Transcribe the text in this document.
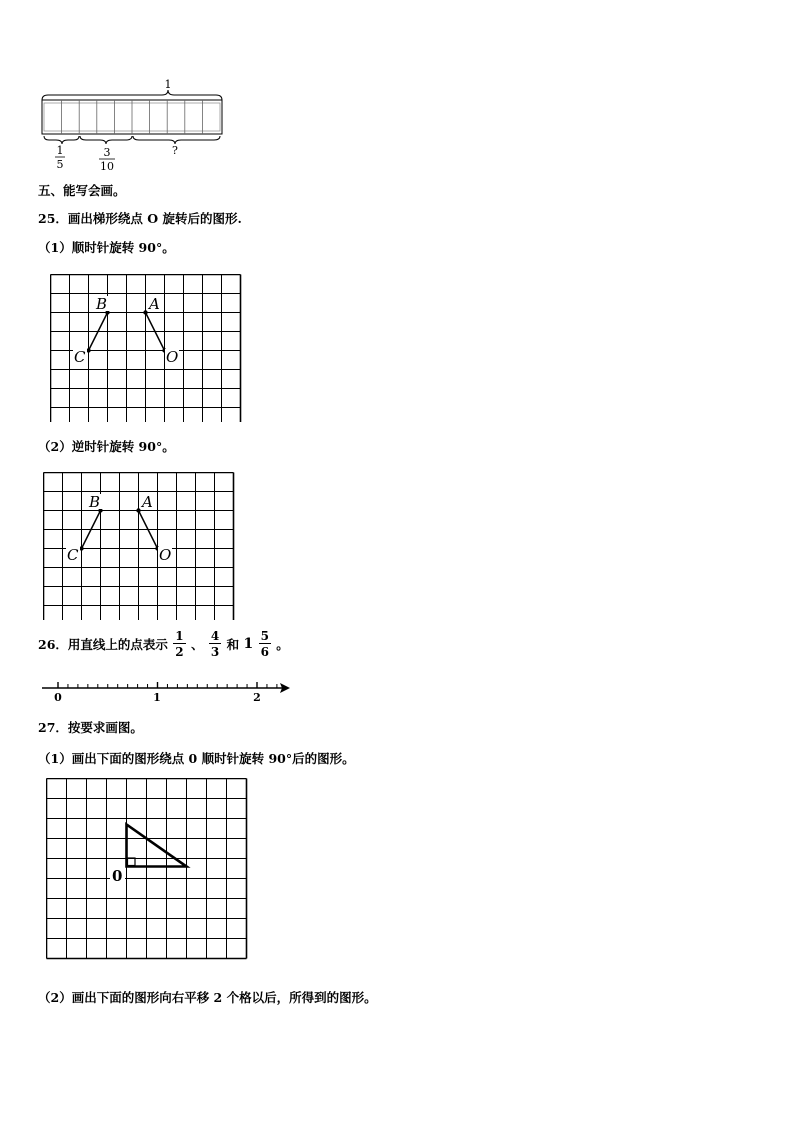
1
1
5
3
10
?
五、能写会画。
25．画出梯形绕点 O 旋转后的图形.
（1）顺时针旋转 90°。
B	A
C	O
（2）逆时针旋转 90°。
B	A
C	O
26．用直线上的点表示 $\frac{1}{2}$ 、 $\frac{4}{3}$ 和 $1 \frac{5}{6}$ 。
0	1	2
27．按要求画图。
（1）画出下面的图形绕点 0 顺时针旋转 90°后的图形。
0
（2）画出下面的图形向右平移 2 个格以后，所得到的图形。
